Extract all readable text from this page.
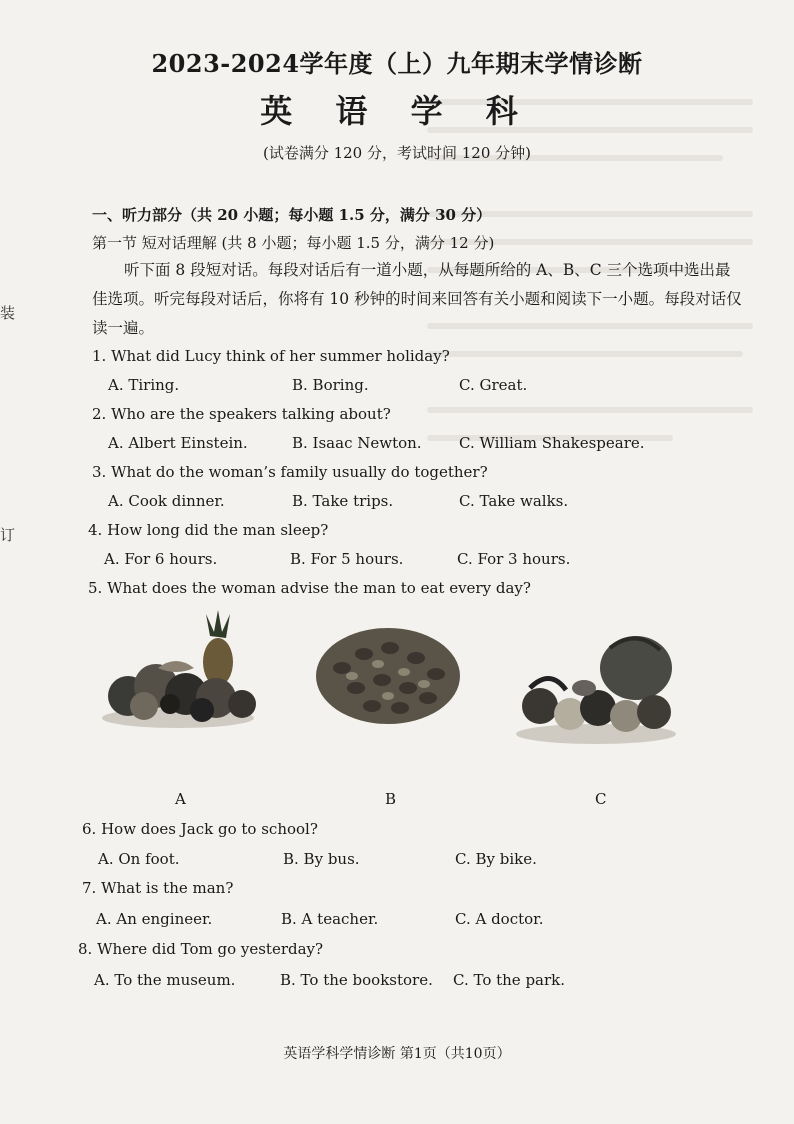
装
订
2023-2024学年度（上）九年期末学情诊断
英 语 学 科
(试卷满分 120 分，考试时间 120 分钟)
一、听力部分（共 20 小题；每小题 1.5 分，满分 30 分）
第一节 短对话理解 (共 8 小题；每小题 1.5 分，满分 12 分)
听下面 8 段短对话。每段对话后有一道小题，从每题所给的 A、B、C 三个选项中选出最佳选项。听完每段对话后，你将有 10 秒钟的时间来回答有关小题和阅读下一小题。每段对话仅读一遍。
1. What did Lucy think of her summer holiday?
A. Tiring.	B. Boring.	C. Great.
2. Who are the speakers talking about?
A. Albert Einstein.	B. Isaac Newton. C. William Shakespeare.
3. What do the woman’s family usually do together?
A. Cook dinner.	B. Take trips.	C. Take walks.
4. How long did the man sleep?
A. For 6 hours.	B. For 5 hours.	C. For 3 hours.
5. What does the woman advise the man to eat every day?
A	B	C
6. How does Jack go to school?
A. On foot.	B. By bus.	C. By bike.
7. What is the man?
A. An engineer.	B. A teacher.	C. A doctor.
8. Where did Tom go yesterday?
A. To the museum.	B. To the bookstore. C. To the park.
英语学科学情诊断 第1页（共10页）
